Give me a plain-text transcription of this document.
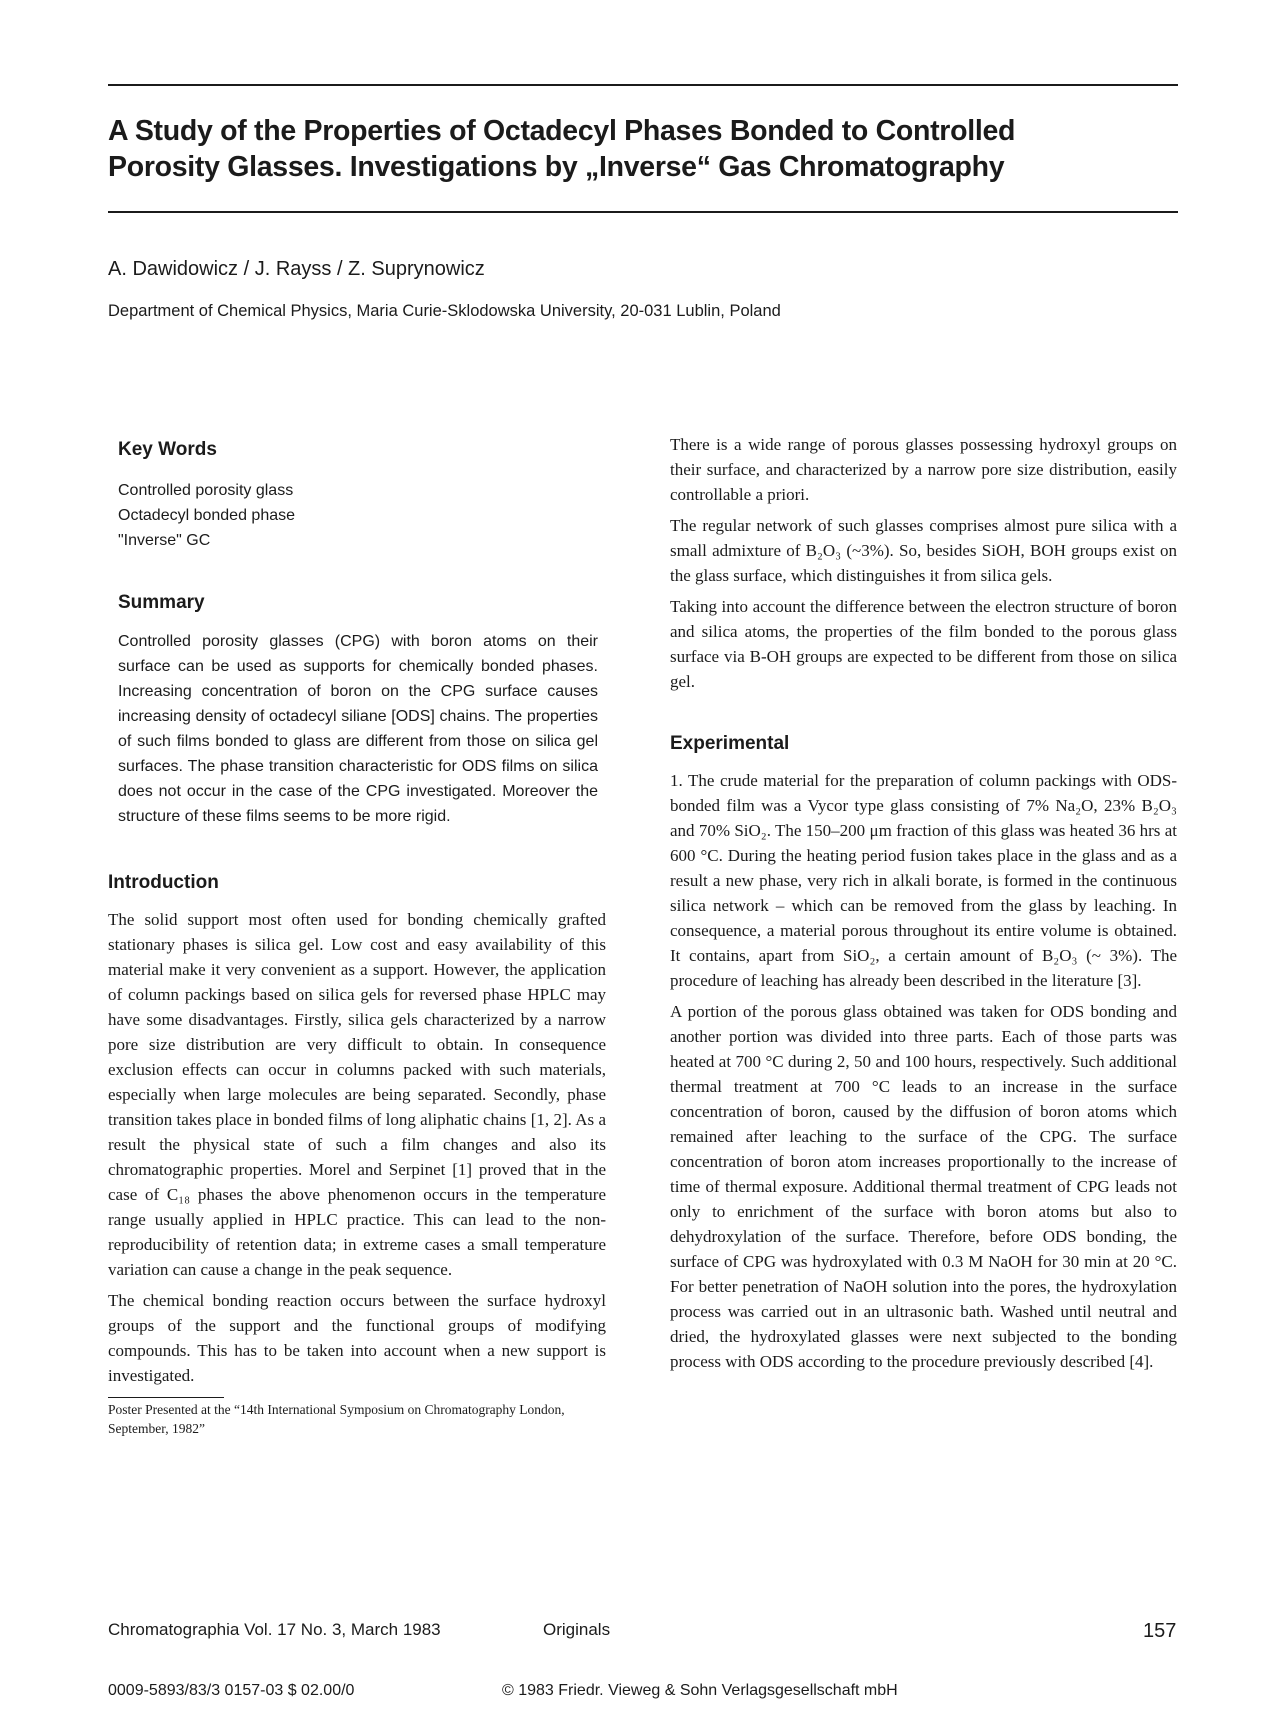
A Study of the Properties of Octadecyl Phases Bonded to Controlled
Porosity Glasses. Investigations by „Inverse“ Gas Chromatography

A. Dawidowicz / J. Rayss / Z. Suprynowicz

Department of Chemical Physics, Maria Curie-Sklodowska University, 20-031 Lublin, Poland

Key Words
Controlled porosity glass
Octadecyl bonded phase
"Inverse" GC
Summary

Controlled porosity glasses (CPG) with boron atoms on their surface can be used as supports for chemically bonded phases. Increasing concentration of boron on the CPG surface causes increasing density of octadecyl siliane [ODS] chains. The properties of such films bonded to glass are different from those on silica gel surfaces. The phase transition characteristic for ODS films on silica does not occur in the case of the CPG investigated. Moreover the structure of these films seems to be more rigid.

Introduction

The solid support most often used for bonding chemically grafted stationary phases is silica gel. Low cost and easy availability of this material make it very convenient as a support. However, the application of column packings based on silica gels for reversed phase HPLC may have some disadvantages. Firstly, silica gels characterized by a narrow pore size distribution are very difficult to obtain. In consequence exclusion effects can occur in columns packed with such materials, especially when large molecules are being separated. Secondly, phase transition takes place in bonded films of long aliphatic chains [1, 2]. As a result the physical state of such a film changes and also its chromatographic properties. Morel and Serpinet [1] proved that in the case of C₁₈ phases the above phenomenon occurs in the temperature range usually applied in HPLC practice. This can lead to the non-reproducibility of retention data; in extreme cases a small temperature variation can cause a change in the peak sequence.

The chemical bonding reaction occurs between the surface hydroxyl groups of the support and the functional groups of modifying compounds. This has to be taken into account when a new support is investigated.

Poster Presented at the “14th International Symposium on Chromatography London, September, 1982”

There is a wide range of porous glasses possessing hydroxyl groups on their surface, and characterized by a narrow pore size distribution, easily controllable a priori.

The regular network of such glasses comprises almost pure silica with a small admixture of B₂O₃ (~3%). So, besides SiOH, BOH groups exist on the glass surface, which distinguishes it from silica gels.

Taking into account the difference between the electron structure of boron and silica atoms, the properties of the film bonded to the porous glass surface via B-OH groups are expected to be different from those on silica gel.

Experimental

1. The crude material for the preparation of column packings with ODS-bonded film was a Vycor type glass consisting of 7% Na₂O, 23% B₂O₃ and 70% SiO₂. The 150–200 μm fraction of this glass was heated 36 hrs at 600 °C. During the heating period fusion takes place in the glass and as a result a new phase, very rich in alkali borate, is formed in the continuous silica network – which can be removed from the glass by leaching. In consequence, a material porous throughout its entire volume is obtained. It contains, apart from SiO₂, a certain amount of B₂O₃ (~ 3%). The procedure of leaching has already been described in the literature [3].

A portion of the porous glass obtained was taken for ODS bonding and another portion was divided into three parts. Each of those parts was heated at 700 °C during 2, 50 and 100 hours, respectively. Such additional thermal treatment at 700 °C leads to an increase in the surface concentration of boron, caused by the diffusion of boron atoms which remained after leaching to the surface of the CPG. The surface concentration of boron atom increases proportionally to the increase of time of thermal exposure. Additional thermal treatment of CPG leads not only to enrichment of the surface with boron atoms but also to dehydroxylation of the surface. Therefore, before ODS bonding, the surface of CPG was hydroxylated with 0.3 M NaOH for 30 min at 20 °C. For better penetration of NaOH solution into the pores, the hydroxylation process was carried out in an ultrasonic bath. Washed until neutral and dried, the hydroxylated glasses were next subjected to the bonding process with ODS according to the procedure previously described [4].

Chromatographia Vol. 17 No. 3, March 1983	Originals	157

0009-5893/83/3 0157-03 $ 02.00/0	© 1983 Friedr. Vieweg & Sohn Verlagsgesellschaft mbH
